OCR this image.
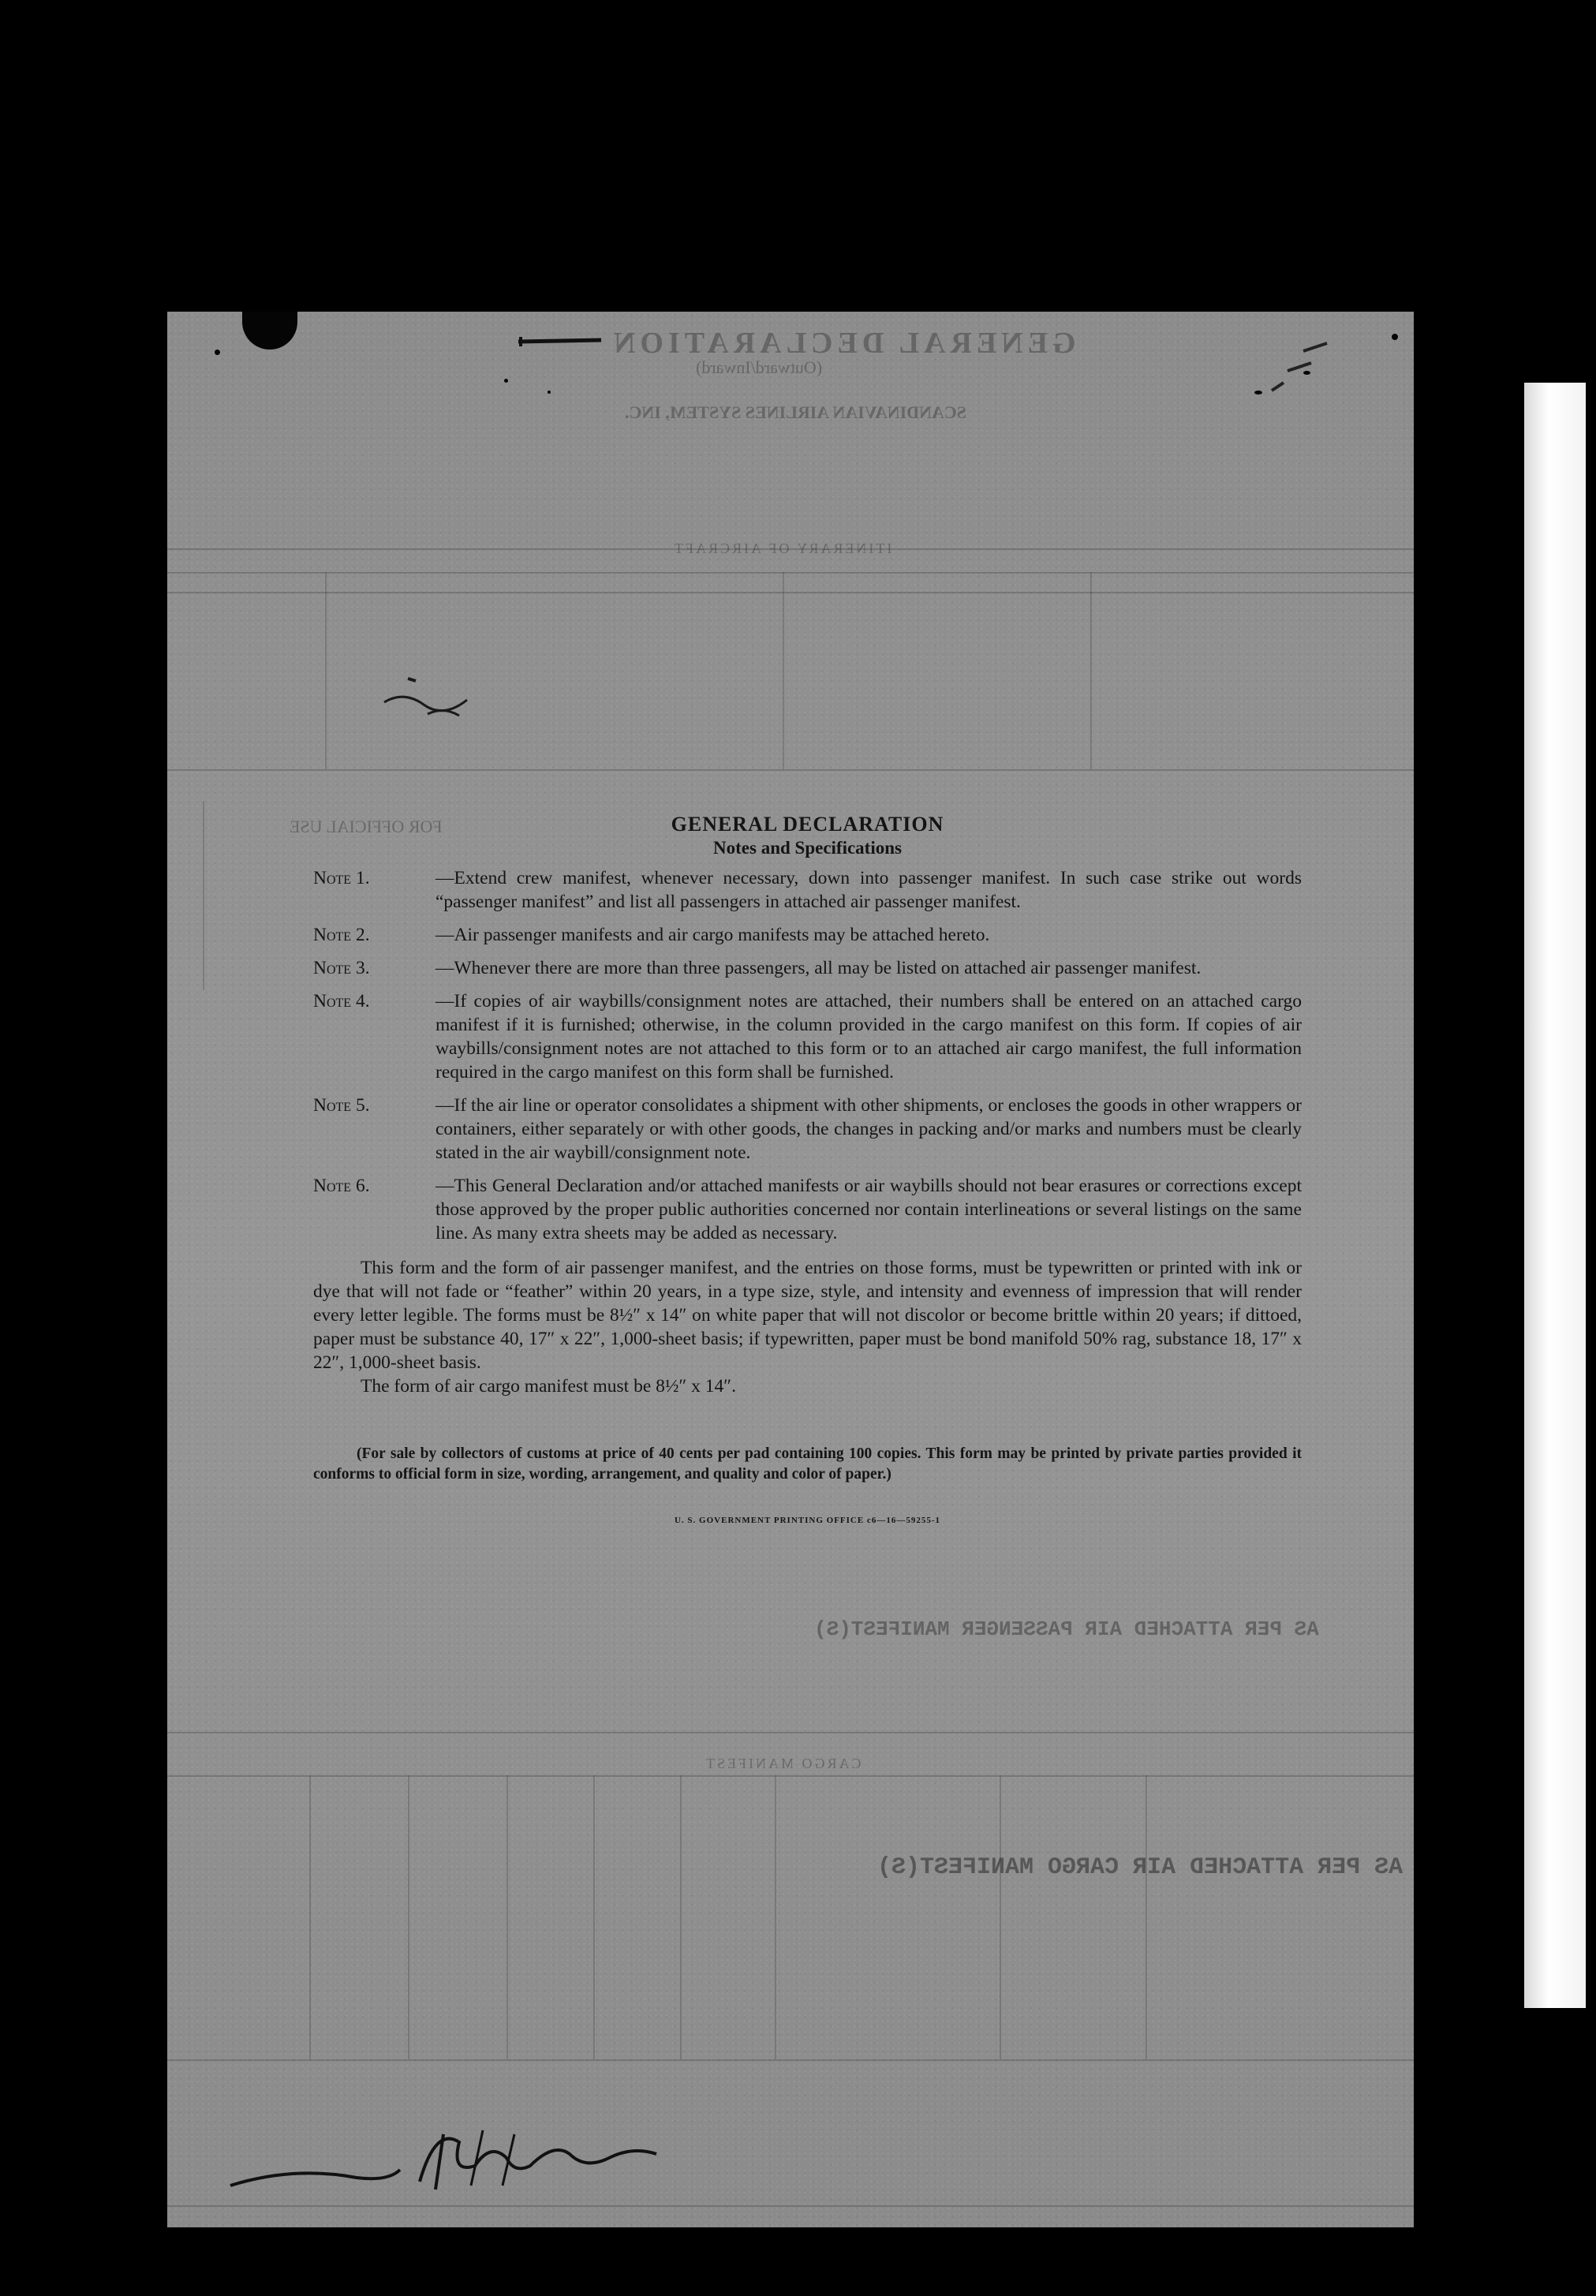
GENERAL DECLARATION
(Outward/Inward)
SCANDINAVIAN AIRLINES SYSTEM, INC.
ITINERARY OF AIRCRAFT
FOR OFFICIAL USE
CARGO MANIFEST
AS PER ATTACHED AIR CARGO MANIFEST(S)
AS PER ATTACHED AIR PASSENGER MANIFEST(S)
GENERAL DECLARATION
Notes and Specifications
Note 1.	—Extend crew manifest, whenever necessary, down into passenger manifest. In such case strike out words “passenger manifest” and list all passengers in attached air passenger manifest.
Note 2.	—Air passenger manifests and air cargo manifests may be attached hereto.
Note 3.	—Whenever there are more than three passengers, all may be listed on attached air passenger manifest.
Note 4.	—If copies of air waybills/consignment notes are attached, their numbers shall be entered on an attached cargo manifest if it is furnished; otherwise, in the column provided in the cargo manifest on this form. If copies of air waybills/consignment notes are not attached to this form or to an attached air cargo manifest, the full information required in the cargo manifest on this form shall be furnished.
Note 5.	—If the air line or operator consolidates a shipment with other shipments, or encloses the goods in other wrappers or containers, either separately or with other goods, the changes in packing and/or marks and numbers must be clearly stated in the air waybill/consignment note.
Note 6.	—This General Declaration and/or attached manifests or air waybills should not bear erasures or corrections except those approved by the proper public authorities concerned nor contain interlineations or several listings on the same line. As many extra sheets may be added as necessary.
This form and the form of air passenger manifest, and the entries on those forms, must be typewritten or printed with ink or dye that will not fade or “feather” within 20 years, in a type size, style, and intensity and evenness of impression that will render every letter legible. The forms must be 8½″ x 14″ on white paper that will not discolor or become brittle within 20 years; if dittoed, paper must be substance 40, 17″ x 22″, 1,000-sheet basis; if typewritten, paper must be bond manifold 50% rag, substance 18, 17″ x 22″, 1,000-sheet basis.
The form of air cargo manifest must be 8½″ x 14″.
(For sale by collectors of customs at price of 40 cents per pad containing 100 copies. This form may be printed by private parties provided it conforms to official form in size, wording, arrangement, and quality and color of paper.)
U. S. GOVERNMENT PRINTING OFFICE c6—16—59255-1
